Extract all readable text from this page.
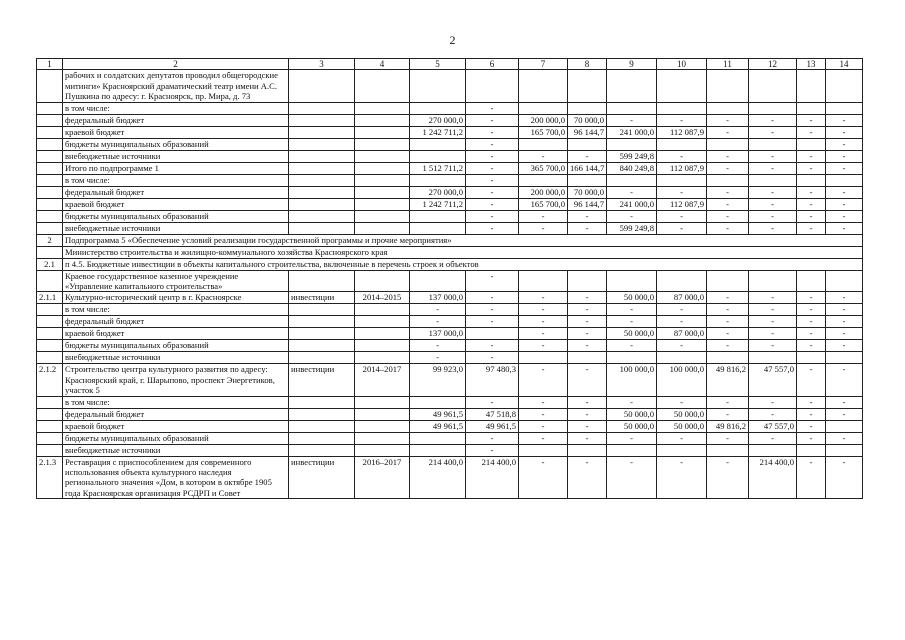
2
1	2	3	4	5	6	7	8	9	10	11	12	13	14
	рабочих и солдатских депутатов проводил общегородские митинги» Красноярский драматический театр имени А.С. Пушкина по адресу: г. Красноярск, пр. Мира, д. 73												
	в том числе:				-								
	федеральный бюджет			270 000,0	-	200 000,0	70 000,0	-	-	-	-	-	-
	краевой бюджет			1 242 711,2	-	165 700,0	96 144,7	241 000,0	112 087,9	-	-	-	-
	бюджеты муниципальных образований				-								-
	внебюджетные источники				-	-	-	599 249,8	-	-	-	-	-
	Итого по подпрограмме 1			1 512 711,2	-	365 700,0	166 144,7	840 249,8	112 087,9	-	-	-	-
	в том числе:				-								
	федеральный бюджет			270 000,0	-	200 000,0	70 000,0	-	-	-	-	-	-
	краевой бюджет			1 242 711,2	-	165 700,0	96 144,7	241 000,0	112 087,9	-	-	-	-
	бюджеты муниципальных образований				-	-	-	-	-	-	-	-	-
	внебюджетные источники				-	-	-	599 249,8	-	-	-	-	-
2	Подпрограмма 5 «Обеспечение условий реализации государственной программы и прочие мероприятия»												
	Министерство строительства и жилищно-коммунального хозяйства Красноярского края												
2.1	п 4.5. Бюджетные инвестиции в объекты капитального строительства, включенные в перечень строек и объектов												
	Краевое государственное казенное учреждение «Управление капитального строительства»				-								
2.1.1	Культурно-исторический центр в г. Красноярске	инвестиции	2014–2015	137 000,0	-	-	-	50 000,0	87 000,0	-	-	-	-
	в том числе:			-	-	-	-	-	-	-	-	-	-
	федеральный бюджет			-	-	-	-	-	-	-	-	-	-
	краевой бюджет			137 000,0		-	-	50 000,0	87 000,0	-	-	-	-
	бюджеты муниципальных образований			-	-	-	-	-	-	-	-	-	-
	внебюджетные источники			-	-								
2.1.2	Строительство центра культурного развития по адресу: Красноярский край, г. Шарыпово, проспект Энергетиков, участок 5	инвестиции	2014–2017	99 923,0	97 480,3	-	-	100 000,0	100 000,0	49 816,2	47 557,0	-	-
	в том числе:				-	-	-	-	-	-	-	-	-
	федеральный бюджет			49 961,5	47 518,8	-	-	50 000,0	50 000,0	-	-	-	-
	краевой бюджет			49 961,5	49 961,5	-	-	50 000,0	50 000,0	49 816,2	47 557,0	-	
	бюджеты муниципальных образований				-	-	-	-	-	-	-	-	-
	внебюджетные источники				-								
2.1.3	Реставрация с приспособлением для современного использования объекта культурного наследия регионального значения «Дом, в котором в октябре 1905 года Красноярская организация РСДРП и Совет	инвестиции	2016–2017	214 400,0	214 400,0	-	-	-	-	-	214 400,0	-	-
